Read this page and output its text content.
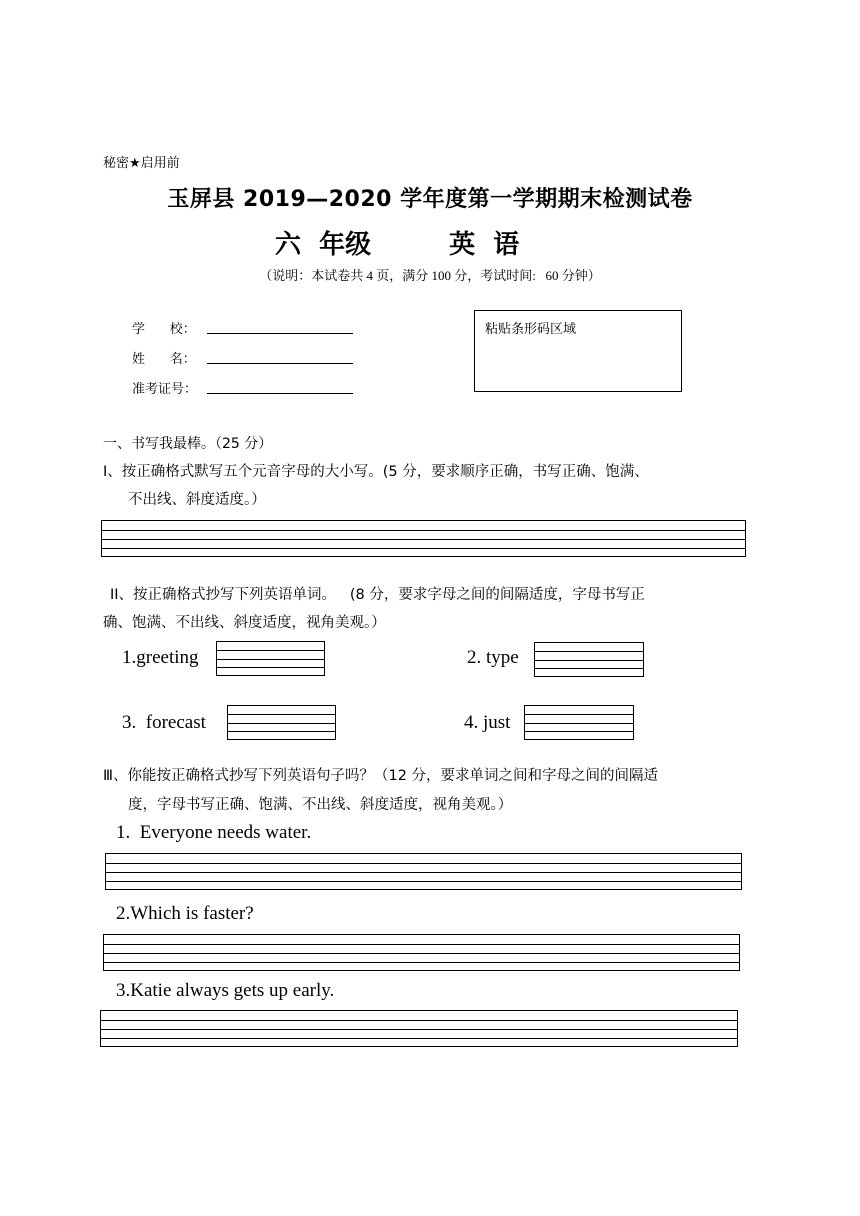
秘密★启用前
玉屏县 2019—2020 学年度第一学期期末检测试卷
六  年级	英  语
（说明：本试卷共 4 页，满分 100 分，考试时间:   60 分钟）
学      校：
姓      名：
准考证号：
粘贴条形码区域
一、书写我最棒。（25 分）
Ⅰ、按正确格式默写五个元音字母的大小写。(5 分，要求顺序正确，书写正确、饱满、
不出线、斜度适度。）
ⅠⅠ、按正确格式抄写下列英语单词。   (8 分，要求字母之间的间隔适度，字母书写正
确、饱满、不出线、斜度适度，视角美观。）
1.greeting	2. type
3.  forecast	4. just
Ⅲ、你能按正确格式抄写下列英语句子吗？（12 分，要求单词之间和字母之间的间隔适
度，字母书写正确、饱满、不出线、斜度适度，视角美观。）
1.  Everyone needs water.
2.Which is faster?
3.Katie always gets up early.
